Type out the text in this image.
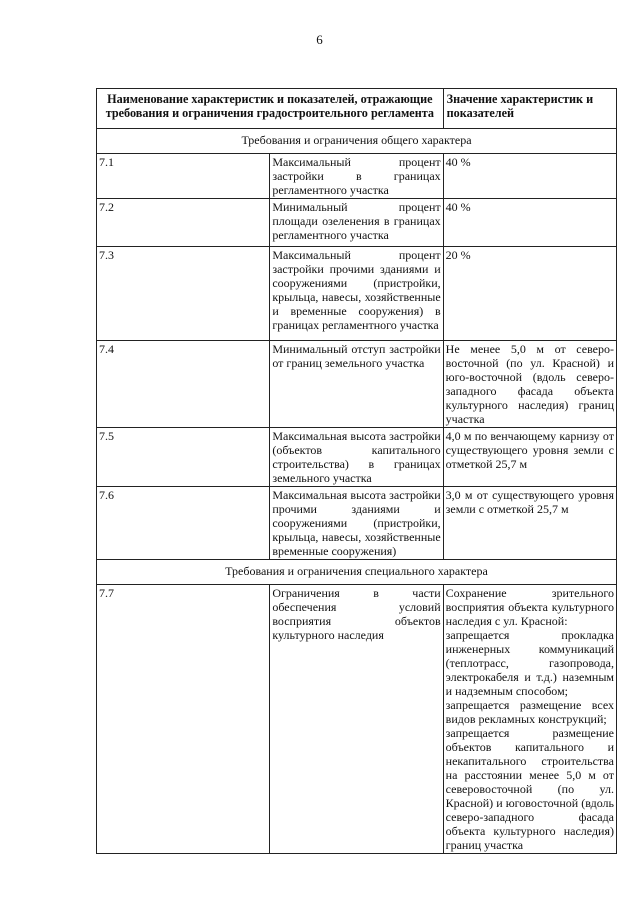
6
Наименование характеристик и показателей, отражающие требования и ограничения градостроительного регламента		Значение характеристик и показателей
Требования и ограничения общего характера		
7.1	Максимальный процент застройки в границах регламентного участка	40 %
7.2	Минимальный процент площади озеленения в границах регламентного участка	40 %
7.3	Максимальный процент застройки прочими зданиями и сооружениями (пристройки, крыльца, навесы, хозяйственные и временные сооружения) в границах регламентного участка	20 %
7.4	Минимальный отступ застройки от границ земельного участка	Не менее 5,0 м от северо-восточной (по ул. Красной) и юго-восточной (вдоль северо-западного фасада объекта культурного наследия) границ участка
7.5	Максимальная высота застройки (объектов капитального строительства) в границах земельного участка	4,0 м по венчающему карнизу от существующего уровня земли с отметкой 25,7 м
7.6	Максимальная высота застройки прочими зданиями и сооружениями (пристройки, крыльца, навесы, хозяйственные временные сооружения)	3,0 м от существующего уровня земли с отметкой 25,7 м
Требования и ограничения специального характера		
7.7	Ограничения в части обеспечения условий восприятия объектов культурного наследия	Сохранение зрительного восприятия объекта культурного наследия с ул. Красной:
запрещается прокладка инженерных коммуникаций (теплотрасс, газопровода, электрокабеля и т.д.) наземным и надземным способом;
запрещается размещение всех видов рекламных конструкций;
запрещается размещение объектов капитального и некапитального строительства на расстоянии менее 5,0 м от северовосточной (по ул. Красной) и юговосточной (вдоль северо-западного фасада объекта культурного наследия) границ участка
